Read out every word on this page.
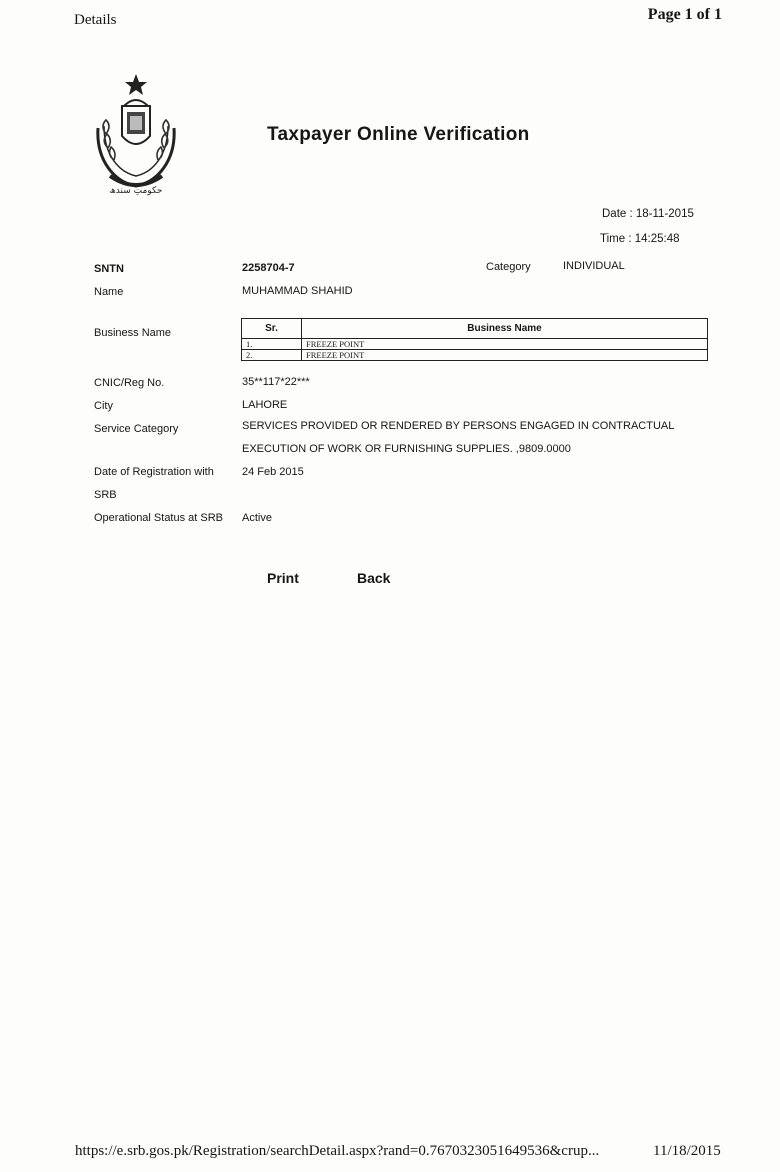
Details	Page 1 of 1
حکومتِ سندھ
Taxpayer Online Verification
Date : 18-11-2015
Time : 14:25:48
SNTN	2258704-7	Category	INDIVIDUAL
Name	MUHAMMAD SHAHID
Business Name	Sr.	Business Name
1.	FREEZE POINT
2.	FREEZE POINT
CNIC/Reg No.	35**117*22***
City	LAHORE
Service Category	SERVICES PROVIDED OR RENDERED BY PERSONS ENGAGED IN CONTRACTUAL
EXECUTION OF WORK OR FURNISHING SUPPLIES. ,9809.0000
Date of Registration with
SRB
24 Feb 2015
Operational Status at SRB Active
Print	Back
https://e.srb.gos.pk/Registration/searchDetail.aspx?rand=0.7670323051649536&crup...	11/18/2015
